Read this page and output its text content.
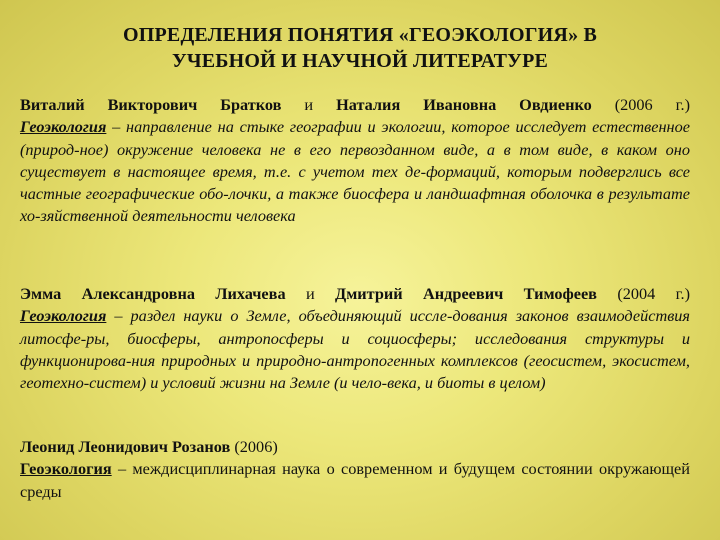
ОПРЕДЕЛЕНИЯ ПОНЯТИЯ «ГЕОЭКОЛОГИЯ» В
УЧЕБНОЙ И НАУЧНОЙ ЛИТЕРАТУРЕ
Виталий Викторович Братков и Наталия Ивановна Овдиенко (2006 г.)
Геоэкология – направление на стыке географии и экологии, которое исследует естественное (природ-ное) окружение человека не в его первозданном виде, а в том виде, в каком оно существует в настоящее время, т.е. с учетом тех де-формаций, которым подверглись все частные географические обо-лочки, а также биосфера и ландшафтная оболочка в результате хо-зяйственной деятельности человека
Эмма Александровна Лихачева и Дмитрий Андреевич Тимофеев (2004 г.)
Геоэкология – раздел науки о Земле, объединяющий иссле-дования законов взаимодействия литосфе-ры, биосферы, антропосферы и социосферы; исследования структуры и функционирова-ния природных и природно-антропогенных комплексов (геосистем, экосистем, геотехно-систем) и условий жизни на Земле (и чело-века, и биоты в целом)
Леонид Леонидович Розанов (2006)
Геоэкология – междисциплинарная наука о современном и будущем состоянии окружающей среды
